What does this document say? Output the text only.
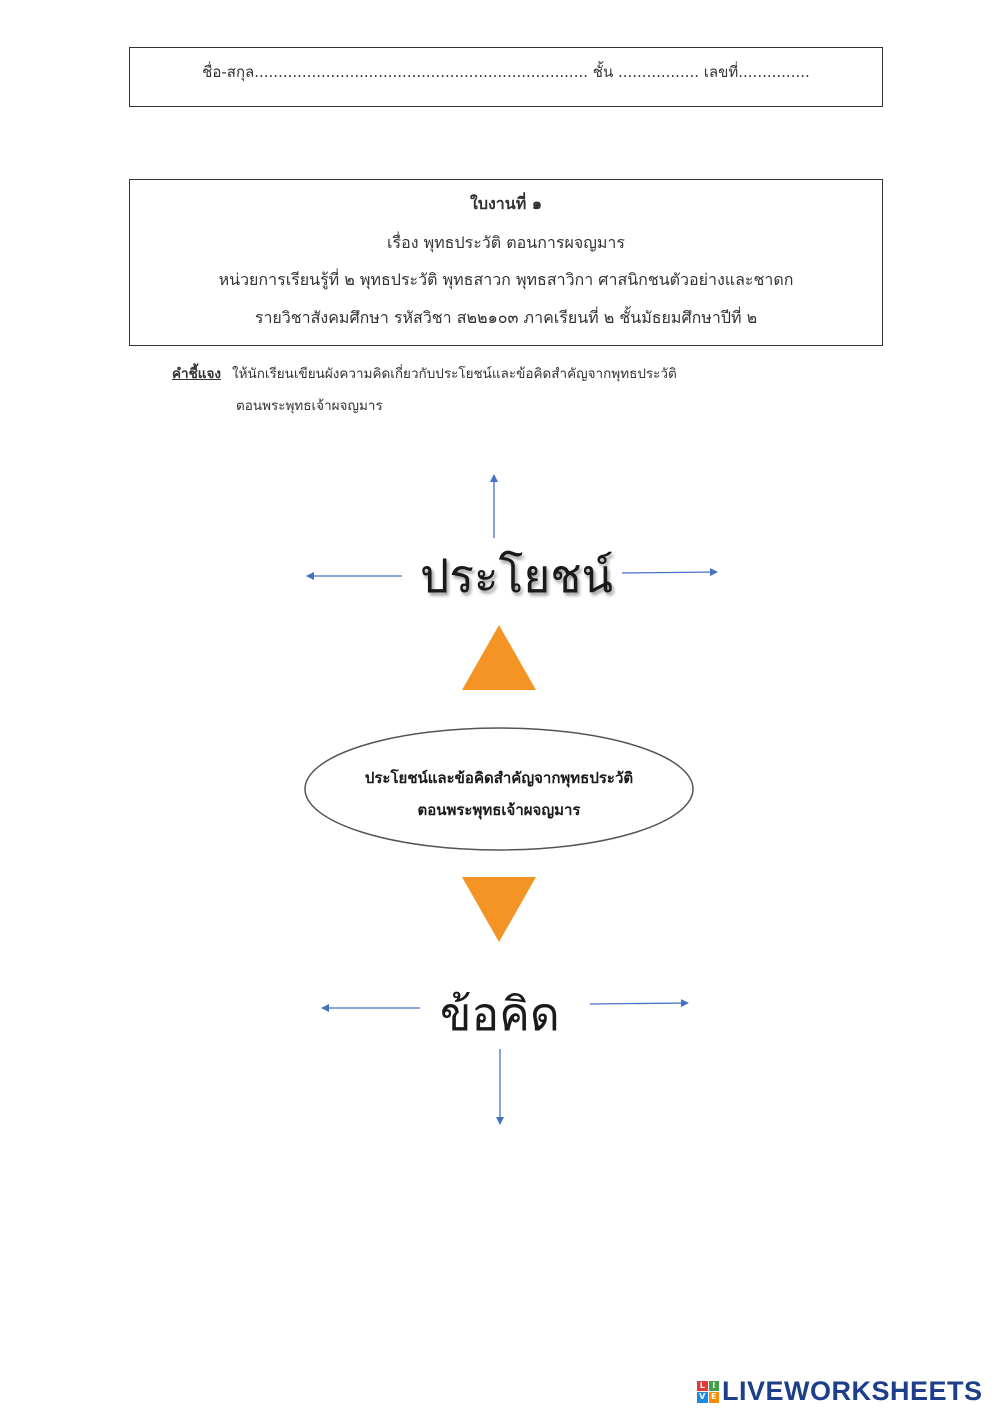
ชื่อ-สกุล...................................................................... ชั้น ................. เลขที่...............
ใบงานที่ ๑
เรื่อง พุทธประวัติ ตอนการผจญมาร
หน่วยการเรียนรู้ที่ ๒ พุทธประวัติ พุทธสาวก พุทธสาวิกา ศาสนิกชนตัวอย่างและชาดก
รายวิชาสังคมศึกษา รหัสวิชา ส๒๒๑๐๓ ภาคเรียนที่ ๒ ชั้นมัธยมศึกษาปีที่ ๒
คำชี้แจง ให้นักเรียนเขียนผังความคิดเกี่ยวกับประโยชน์และข้อคิดสำคัญจากพุทธประวัติ
ตอนพระพุทธเจ้าผจญมาร
ประโยชน์
ประโยชน์และข้อคิดสำคัญจากพุทธประวัติ
ตอนพระพุทธเจ้าผจญมาร
ข้อคิด
L I
V E LIVEWORKSHEETS
